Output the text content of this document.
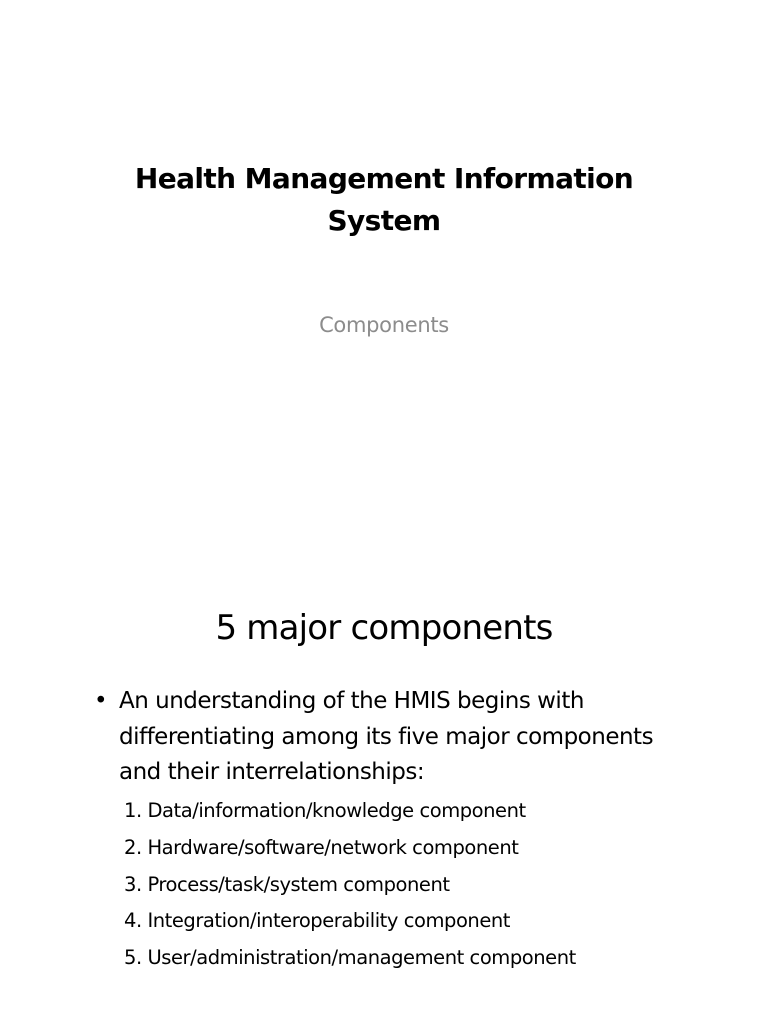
Health Management Information System
Components
5 major components
• An understanding of the HMIS begins with differentiating among its five major components and their interrelationships:
1. Data/information/knowledge component
2. Hardware/software/network component
3. Process/task/system component
4. Integration/interoperability component
5. User/administration/management component
